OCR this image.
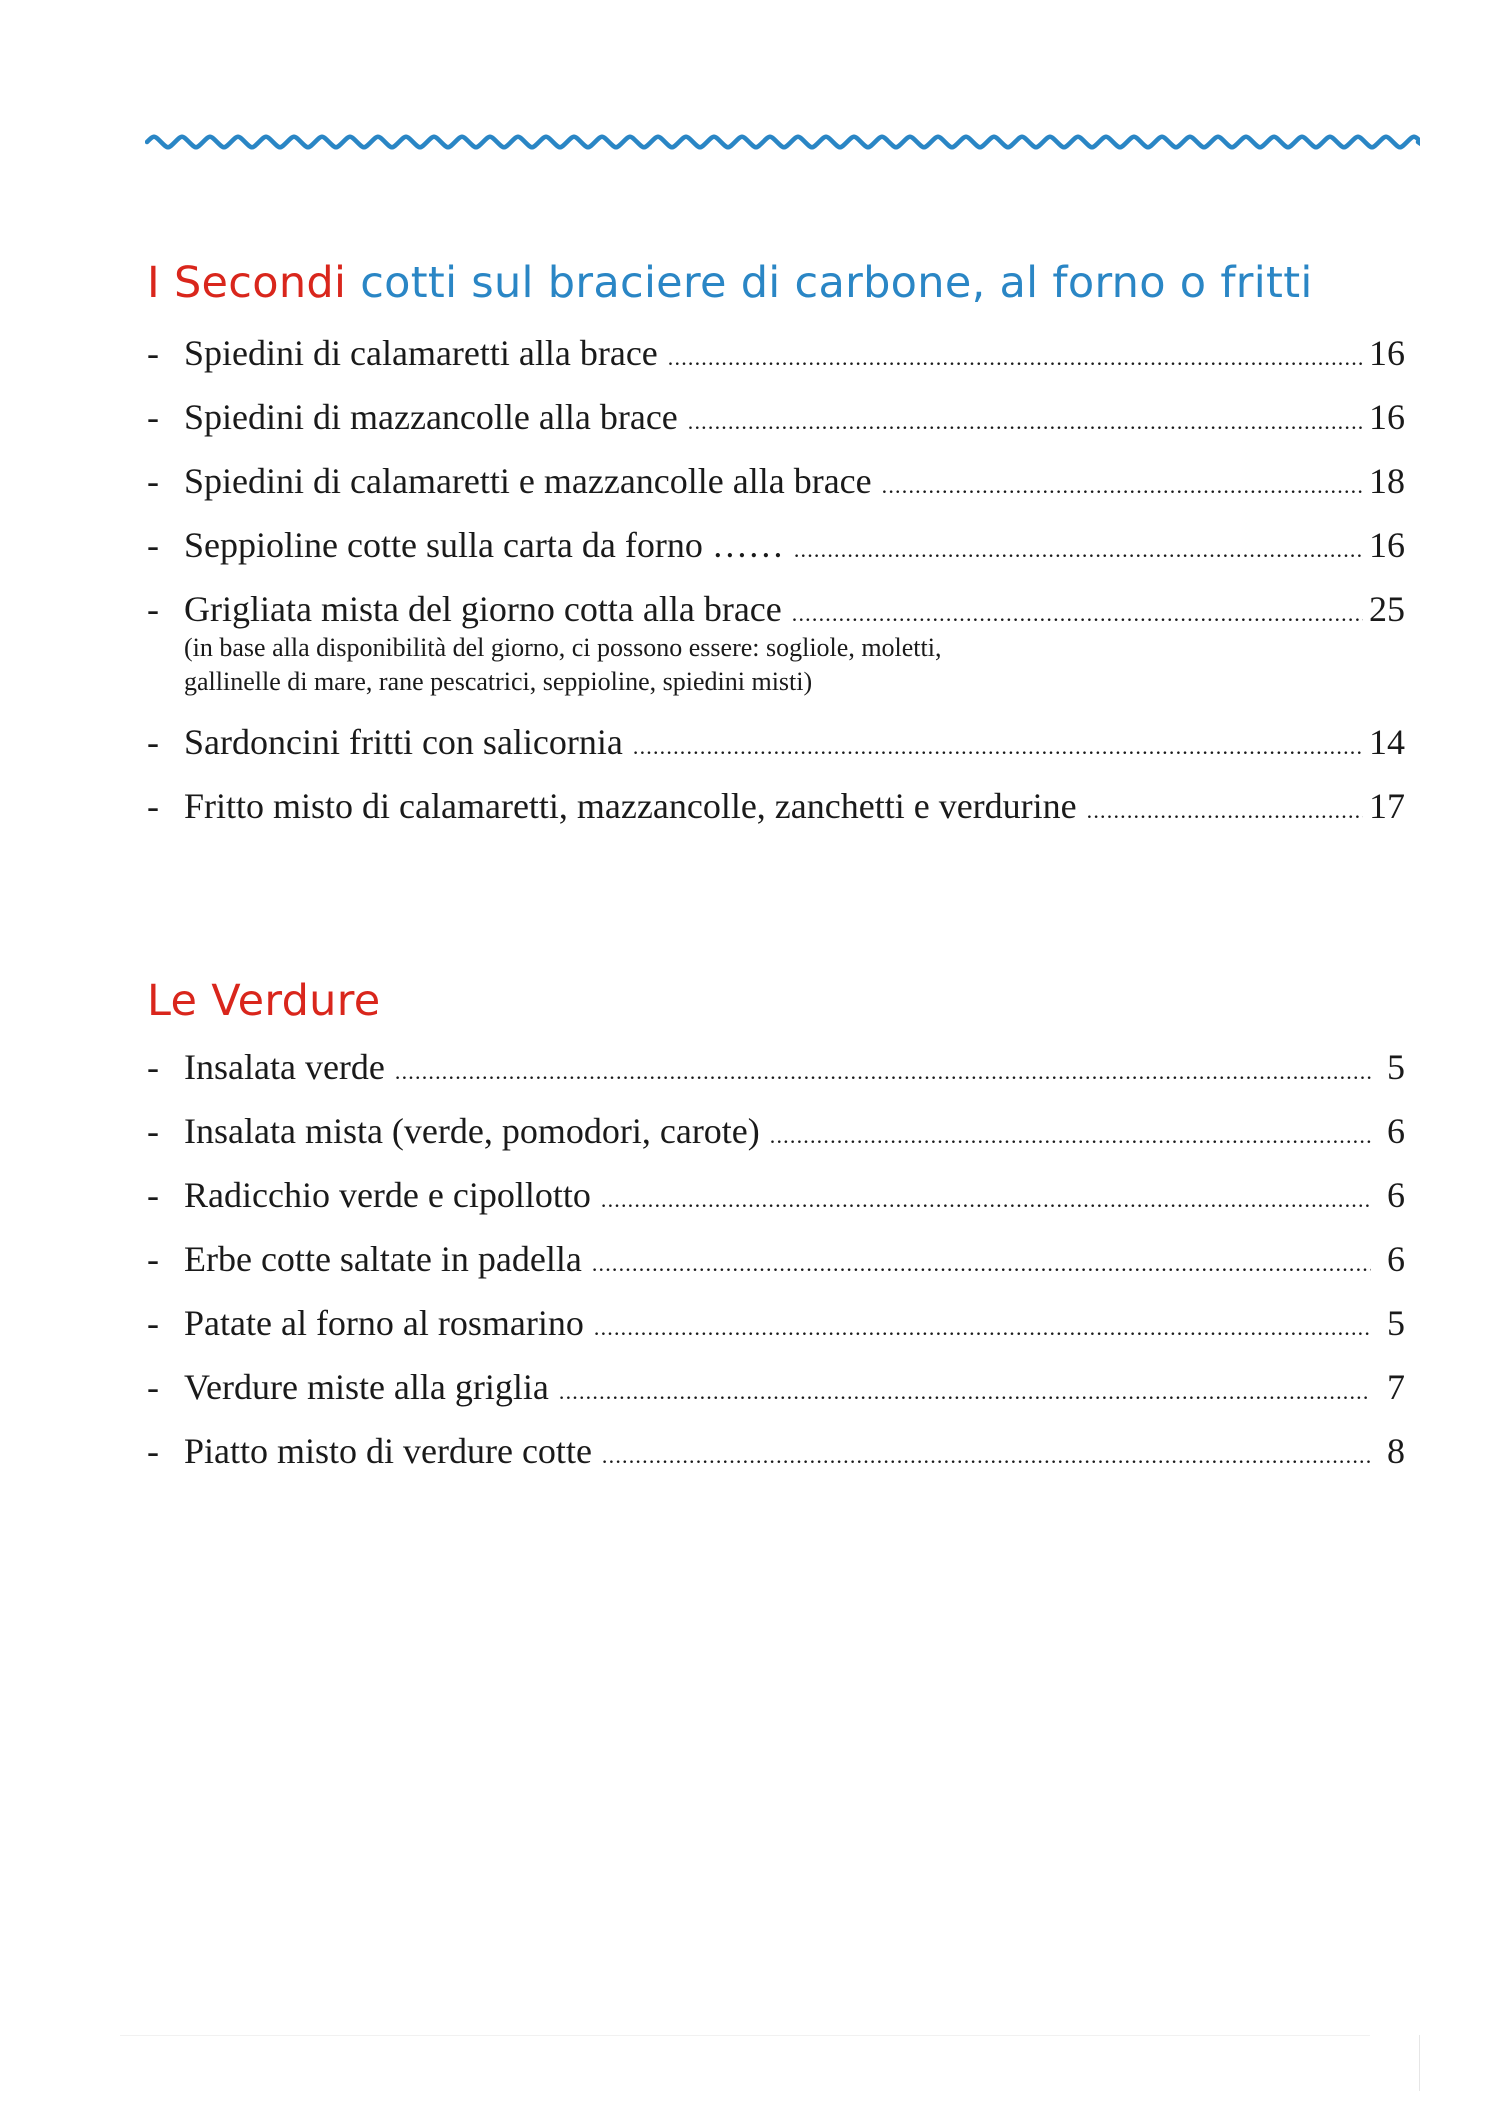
I Secondi cotti sul braciere di carbone, al forno o fritti
- Spiedini di calamaretti alla brace .....	16
- Spiedini di mazzancolle alla brace .....	16
- Spiedini di calamaretti e mazzancolle alla brace .....	18
- Seppioline cotte sulla carta da forno …… .....	16
- Grigliata mista del giorno cotta alla brace .....	25
(in base alla disponibilità del giorno, ci possono essere: sogliole, moletti,
gallinelle di mare, rane pescatrici, seppioline, spiedini misti)
- Sardoncini fritti con salicornia .....	14
- Fritto misto di calamaretti, mazzancolle, zanchetti e verdurine .....	17
Le Verdure
- Insalata verde .....	5
- Insalata mista (verde, pomodori, carote) .....	6
- Radicchio verde e cipollotto .....	6
- Erbe cotte saltate in padella .....	6
- Patate al forno al rosmarino .....	5
- Verdure miste alla griglia .....	7
- Piatto misto di verdure cotte .....	8
